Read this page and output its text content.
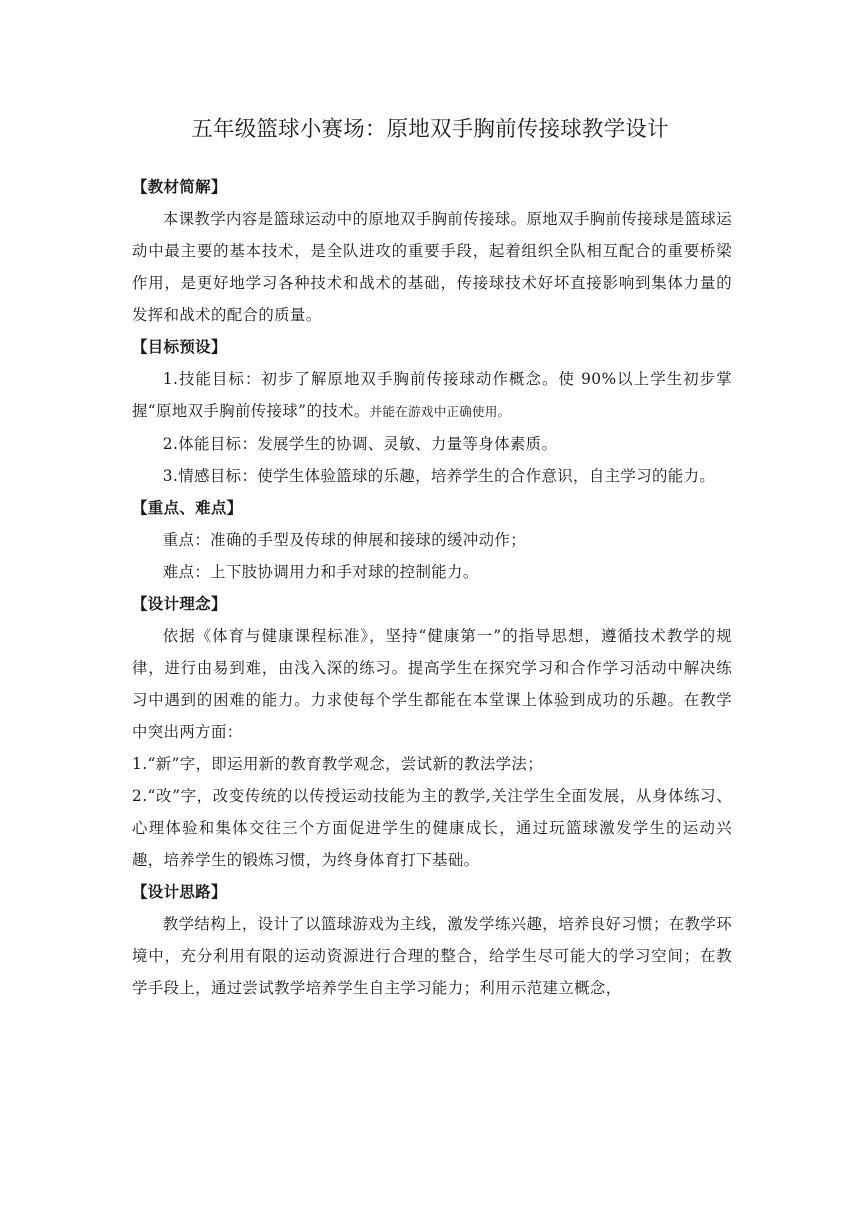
五年级篮球小赛场：原地双手胸前传接球教学设计
【教材简解】
本课教学内容是篮球运动中的原地双手胸前传接球。原地双手胸前传接球是篮球运动中最主要的基本技术，是全队进攻的重要手段，起着组织全队相互配合的重要桥梁作用，是更好地学习各种技术和战术的基础，传接球技术好坏直接影响到集体力量的发挥和战术的配合的质量。
【目标预设】
1.技能目标：初步了解原地双手胸前传接球动作概念。使 90%以上学生初步掌握“原地双手胸前传接球”的技术。并能在游戏中正确使用。
2.体能目标：发展学生的协调、灵敏、力量等身体素质。
3.情感目标：使学生体验篮球的乐趣，培养学生的合作意识，自主学习的能力。
【重点、难点】
重点：准确的手型及传球的伸展和接球的缓冲动作；
难点：上下肢协调用力和手对球的控制能力。
【设计理念】
依据《体育与健康课程标准》，坚持“健康第一”的指导思想，遵循技术教学的规律，进行由易到难，由浅入深的练习。提高学生在探究学习和合作学习活动中解决练习中遇到的困难的能力。力求使每个学生都能在本堂课上体验到成功的乐趣。在教学中突出两方面：
1.“新”字，即运用新的教育教学观念，尝试新的教法学法；
2.“改”字，改变传统的以传授运动技能为主的教学,关注学生全面发展，从身体练习、心理体验和集体交往三个方面促进学生的健康成长，通过玩篮球激发学生的运动兴趣，培养学生的锻炼习惯，为终身体育打下基础。
【设计思路】
教学结构上，设计了以篮球游戏为主线，激发学练兴趣，培养良好习惯；在教学环境中，充分利用有限的运动资源进行合理的整合，给学生尽可能大的学习空间；在教学手段上，通过尝试教学培养学生自主学习能力；利用示范建立概念，
